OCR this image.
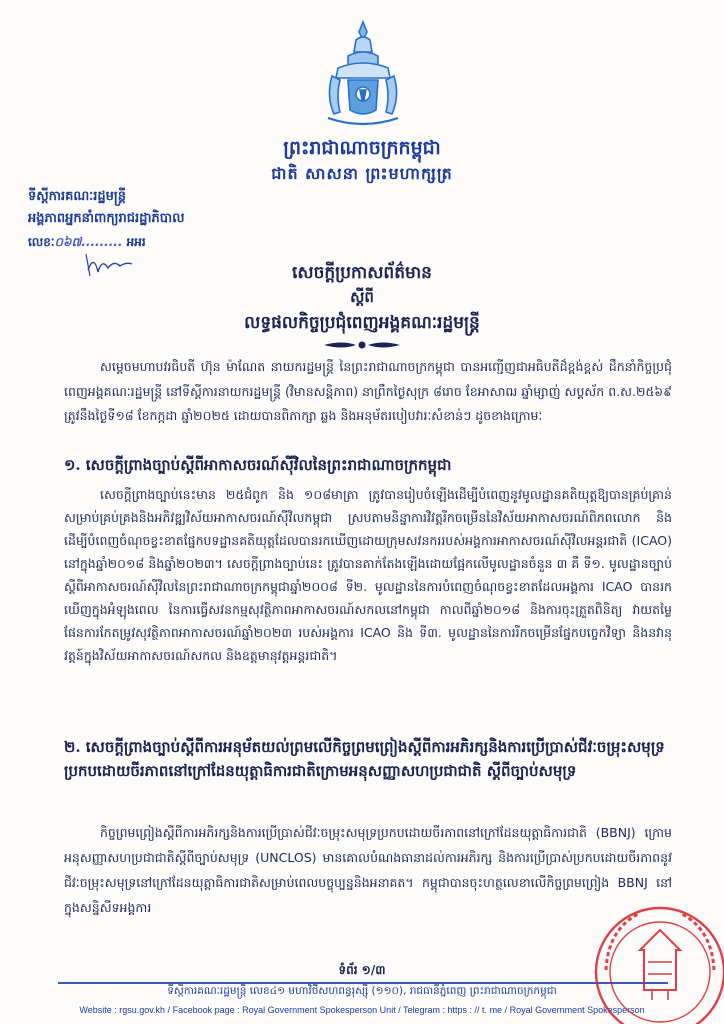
ព្រះរាជាណាចក្រកម្ពុជា
ជាតិ សាសនា ព្រះមហាក្សត្រ
ទីស្តីការគណៈរដ្ឋមន្ត្រី
អង្គភាពអ្នកនាំពាក្យរាជរដ្ឋាភិបាល
លេខៈ០៦៧......... អអរ
សេចក្តីប្រកាសព័ត៌មាន
ស្តីពី
លទ្ធផលកិច្ចប្រជុំពេញអង្គគណៈរដ្ឋមន្ត្រី
សម្តេចមហាបវរធិបតី ហ៊ុន ម៉ាណែត នាយករដ្ឋមន្ត្រី នៃព្រះរាជាណាចក្រកម្ពុជា បានអញ្ជើញជាអធិបតីដ៏ខ្ពង់ខ្ពស់ ដឹកនាំកិច្ចប្រជុំពេញអង្គគណៈរដ្ឋមន្ត្រី នៅទីស្តីការនាយករដ្ឋមន្ត្រី (វិមានសន្តិភាព) នាព្រឹកថ្ងៃសុក្រ ៨រោច ខែអាសាឍ ឆ្នាំម្សាញ់ សប្តស័ក ព.ស.២៥៦៩ ត្រូវនឹងថ្ងៃទី១៨ ខែកក្កដា ឆ្នាំ២០២៥ ដោយបានពិភាក្សា ឆ្លង និងអនុម័តរបៀបវារៈសំខាន់ៗ ដូចខាងក្រោមៈ
១. សេចក្តីព្រាងច្បាប់ស្តីពីអាកាសចរណ៍ស៊ីវិលនៃព្រះរាជាណាចក្រកម្ពុជា
សេចក្តីព្រាងច្បាប់នេះមាន ២៥ជំពូក និង ១០៨មាត្រា ត្រូវបានរៀបចំឡើងដើម្បីបំពេញនូវមូលដ្ឋានគតិយុត្តឱ្យបានគ្រប់គ្រាន់សម្រាប់គ្រប់គ្រងនិងអភិវឌ្ឍវិស័យអាកាសចរណ៍ស៊ីវិលកម្ពុជា ស្របតាមនិន្នាការវិវត្តរីកចម្រើននៃវិស័យអាកាសចរណ៍ពិភពលោក និងដើម្បីបំពេញចំណុចខ្វះខាតផ្នែកបទដ្ឋានគតិយុត្តដែលបានរកឃើញដោយក្រុមសវនកររបស់អង្គការអាកាសចរណ៍ស៊ីវិលអន្តរជាតិ (ICAO) នៅក្នុងឆ្នាំ២០១៨ និងឆ្នាំ២០២៣។ សេចក្តីព្រាងច្បាប់នេះ ត្រូវបានតាក់តែងឡើងដោយផ្អែកលើមូលដ្ឋានចំនួន ៣ គឺ ទី១. មូលដ្ឋានច្បាប់ស្តីពីអាកាសចរណ៍ស៊ីវិលនៃព្រះរាជាណាចក្រកម្ពុជាឆ្នាំ២០០៨ ទី២. មូលដ្ឋាននៃការបំពេញចំណុចខ្វះខាតដែលអង្គការ ICAO បានរកឃើញក្នុងអំឡុងពេល នៃការធ្វើសវនកម្មសុវត្ថិភាពអាកាសចរណ៍សកលនៅកម្ពុជា កាលពីឆ្នាំ២០១៨ និងការចុះត្រួតពិនិត្យ វាយតម្លៃផែនការកែតម្រូវសុវត្ថិភាពអាកាសចរណ៍ឆ្នាំ២០២៣ របស់អង្គការ ICAO និង ទី៣. មូលដ្ឋាននៃការរីកចម្រើនផ្នែកបច្ចេកវិទ្យា និងនវានុវត្តន៍ក្នុងវិស័យអាកាសចរណ៍សកល និងឧត្តមានុវត្តអន្តរជាតិ។
២. សេចក្តីព្រាងច្បាប់ស្តីពីការអនុម័តយល់ព្រមលើកិច្ចព្រមព្រៀងស្តីពីការអភិរក្សនិងការប្រើប្រាស់ជីវៈចម្រុះសមុទ្រប្រកបដោយចីរភាពនៅក្រៅដែនយុត្តាធិការជាតិក្រោមអនុសញ្ញាសហប្រជាជាតិ ស្តីពីច្បាប់សមុទ្រ
កិច្ចព្រមព្រៀងស្តីពីការអភិរក្សនិងការប្រើប្រាស់ជីវៈចម្រុះសមុទ្រប្រកបដោយចីរភាពនៅក្រៅដែនយុត្តាធិការជាតិ (BBNJ) ក្រោមអនុសញ្ញាសហប្រជាជាតិស្តីពីច្បាប់សមុទ្រ (UNCLOS) មានគោលបំណងធានាដល់ការអភិរក្ស និងការប្រើប្រាស់ប្រកបដោយចីរភាពនូវជីវៈចម្រុះសមុទ្រនៅក្រៅដែនយុត្តាធិការជាតិសម្រាប់ពេលបច្ចុប្បន្ននិងអនាគត។ កម្ពុជាបានចុះហត្ថលេខាលើកិច្ចព្រមព្រៀង BBNJ នៅក្នុងសន្និសីទអង្គការ
ទំព័រ ១/៣
ទីស្តីការគណៈរដ្ឋមន្ត្រី លេខ៤១ មហាវិថីសហពន្ធរុស្ស៊ី (១១០), រាជធានីភ្នំពេញ ព្រះរាជាណាចក្រកម្ពុជា
Website : rgsu.gov.kh / Facebook page : Royal Government Spokesperson Unit / Telegram : https : // t. me / Royal Government Spokesperson
